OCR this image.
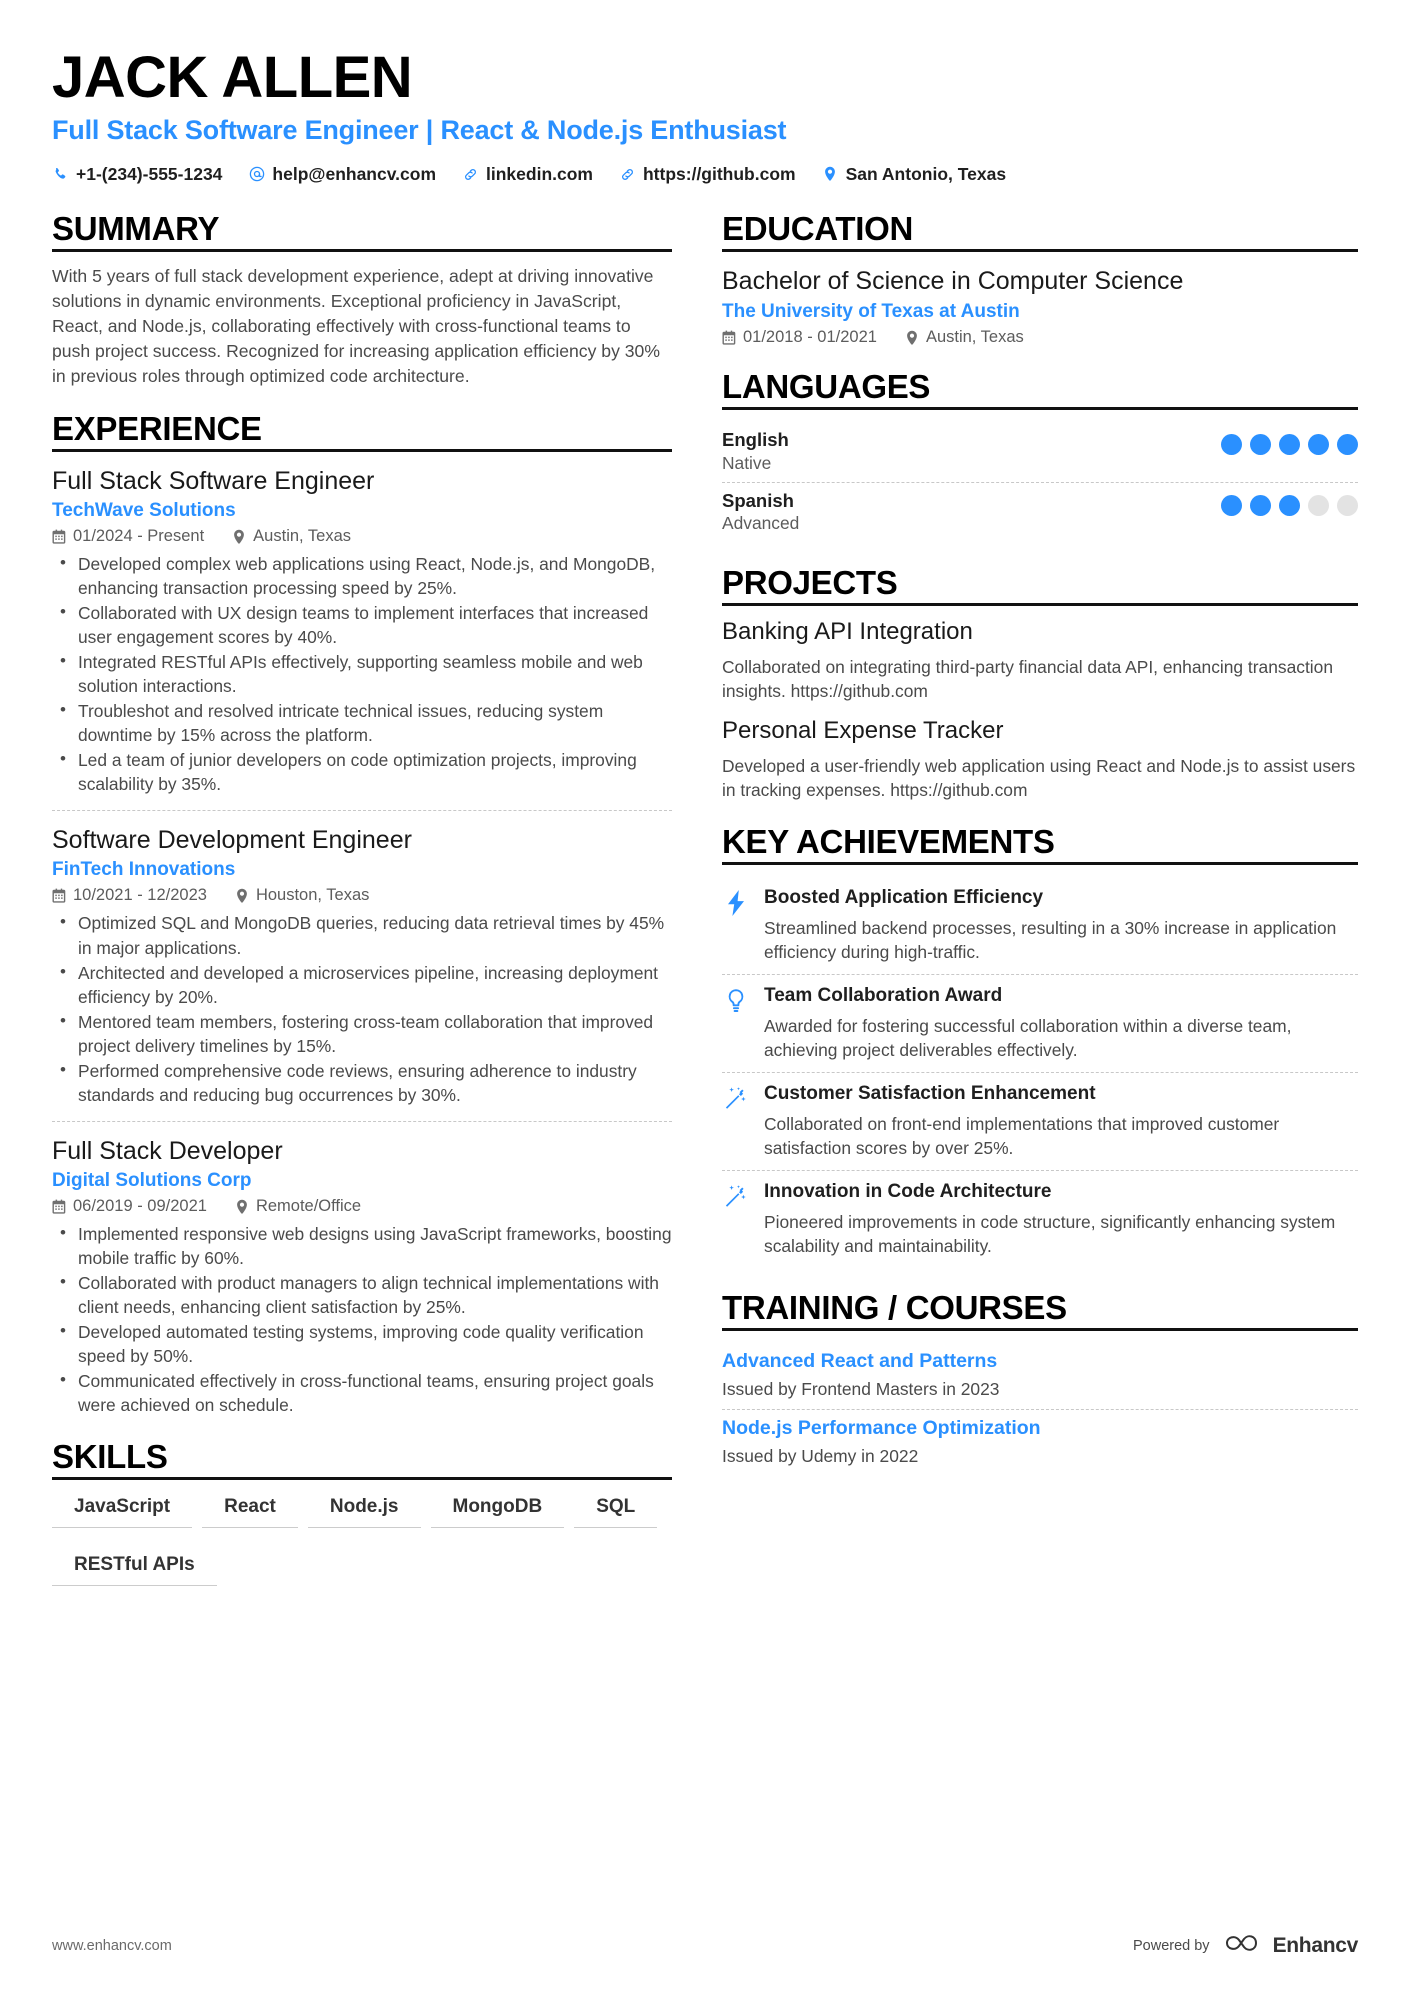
JACK ALLEN
Full Stack Software Engineer | React & Node.js Enthusiast
+1-(234)-555-1234	help@enhancv.com	linkedin.com	https://github.com	San Antonio, Texas
SUMMARY

With 5 years of full stack development experience, adept at driving innovative solutions in dynamic environments. Exceptional proficiency in JavaScript, React, and Node.js, collaborating effectively with cross-functional teams to push project success. Recognized for increasing application efficiency by 30% in previous roles through optimized code architecture.

EXPERIENCE
Full Stack Software Engineer
TechWave Solutions
01/2024 - Present	Austin, Texas
• Developed complex web applications using React, Node.js, and MongoDB, enhancing transaction processing speed by 25%.
• Collaborated with UX design teams to implement interfaces that increased user engagement scores by 40%.
• Integrated RESTful APIs effectively, supporting seamless mobile and web solution interactions.
• Troubleshot and resolved intricate technical issues, reducing system downtime by 15% across the platform.
• Led a team of junior developers on code optimization projects, improving scalability by 35%.
Software Development Engineer
FinTech Innovations
10/2021 - 12/2023	Houston, Texas
• Optimized SQL and MongoDB queries, reducing data retrieval times by 45% in major applications.
• Architected and developed a microservices pipeline, increasing deployment efficiency by 20%.
• Mentored team members, fostering cross-team collaboration that improved project delivery timelines by 15%.
• Performed comprehensive code reviews, ensuring adherence to industry standards and reducing bug occurrences by 30%.
Full Stack Developer
Digital Solutions Corp
06/2019 - 09/2021	Remote/Office
• Implemented responsive web designs using JavaScript frameworks, boosting mobile traffic by 60%.
• Collaborated with product managers to align technical implementations with client needs, enhancing client satisfaction by 25%.
• Developed automated testing systems, improving code quality verification speed by 50%.
• Communicated effectively in cross-functional teams, ensuring project goals were achieved on schedule.
SKILLS
JavaScript	React	Node.js	MongoDB	SQL
RESTful APIs
EDUCATION
Bachelor of Science in Computer Science
The University of Texas at Austin
01/2018 - 01/2021	Austin, Texas
LANGUAGES
English
Native
Spanish
Advanced
PROJECTS
Banking API Integration

Collaborated on integrating third-party financial data API, enhancing transaction insights. https://github.com

Personal Expense Tracker

Developed a user-friendly web application using React and Node.js to assist users in tracking expenses. https://github.com

KEY ACHIEVEMENTS
Boosted Application Efficiency

Streamlined backend processes, resulting in a 30% increase in application efficiency during high-traffic.

Team Collaboration Award

Awarded for fostering successful collaboration within a diverse team, achieving project deliverables effectively.

Customer Satisfaction Enhancement

Collaborated on front-end implementations that improved customer satisfaction scores by over 25%.

Innovation in Code Architecture

Pioneered improvements in code structure, significantly enhancing system scalability and maintainability.

TRAINING / COURSES
Advanced React and Patterns

Issued by Frontend Masters in 2023

Node.js Performance Optimization

Issued by Udemy in 2022

www.enhancv.com	Powered by	Enhancv
